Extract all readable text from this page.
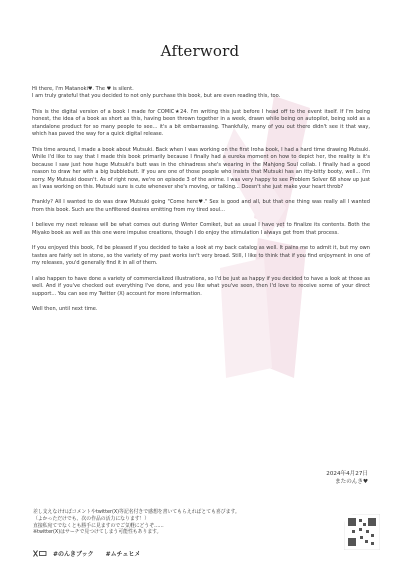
Afterword

Hi there, I'm Matanoki♥. The ♥ is silent.
I am truly grateful that you decided to not only purchase this book, but are even reading this, too.

This is the digital version of a book I made for COMIC★24. I'm writing this just before I head off to the event itself. If I'm being honest, the idea of a book as short as this, having been thrown together in a week, drawn while being on autopilot, being sold as a standalone product for so many people to see... it's a bit embarrassing. Thankfully, many of you out there didn't see it that way, which has paved the way for a quick digital release.

This time around, I made a book about Mutsuki. Back when I was working on the first Iroha book, I had a hard time drawing Mutsuki. While I'd like to say that I made this book primarily because I finally had a eureka moment on how to depict her, the reality is it's because I saw just how huge Mutsuki's butt was in the chinadress she's wearing in the Mahjong Soul collab. I finally had a good reason to draw her with a big bubblebutt. If you are one of those people who insists that Mutsuki has an itty-bitty booty, well... I'm sorry. My Mutsuki doesn't. As of right now, we're on episode 3 of the anime. I was very happy to see Problem Solver 68 show up just as I was working on this. Mutsuki sure is cute whenever she's moving, or talking... Doesn't she just make your heart throb?

Frankly? All I wanted to do was draw Mutsuki going "Come here♥." Sex is good and all, but that one thing was really all I wanted from this book. Such are the unfiltered desires emitting from my tired soul...

I believe my next release will be what comes out during Winter Comiket, but as usual I have yet to finalize its contents. Both the Miyako book as well as this one were impulse creations, though I do enjoy the stimulation I always get from that process.

If you enjoyed this book, I'd be pleased if you decided to take a look at my back catalog as well. It pains me to admit it, but my own tastes are fairly set in stone, so the variety of my past works isn't very broad. Still, I like to think that if you find enjoyment in one of my releases, you'd generally find it in all of them.

I also happen to have done a variety of commercialized illustrations, so I'd be just as happy if you decided to have a look at those as well. And if you've checked out everything I've done, and you like what you've seen, then I'd love to receive some of your direct support... You can see my Twitter (X) account for more information.

Well then, until next time.

2024年4月27日
またのんき♥
差し支えなければコメントやtwitter(X)等記名付きで感想を書いてもらえればとても喜びます。
（よかっただけでも、次の作品の活力になります！）
直接私宛てでなくとも勝手に見ますのでご気軽にどうぞ……
※twitter(X)はサーチで見つけてしまう可能性もあります。
#のんきブック #ムチュヒメ
